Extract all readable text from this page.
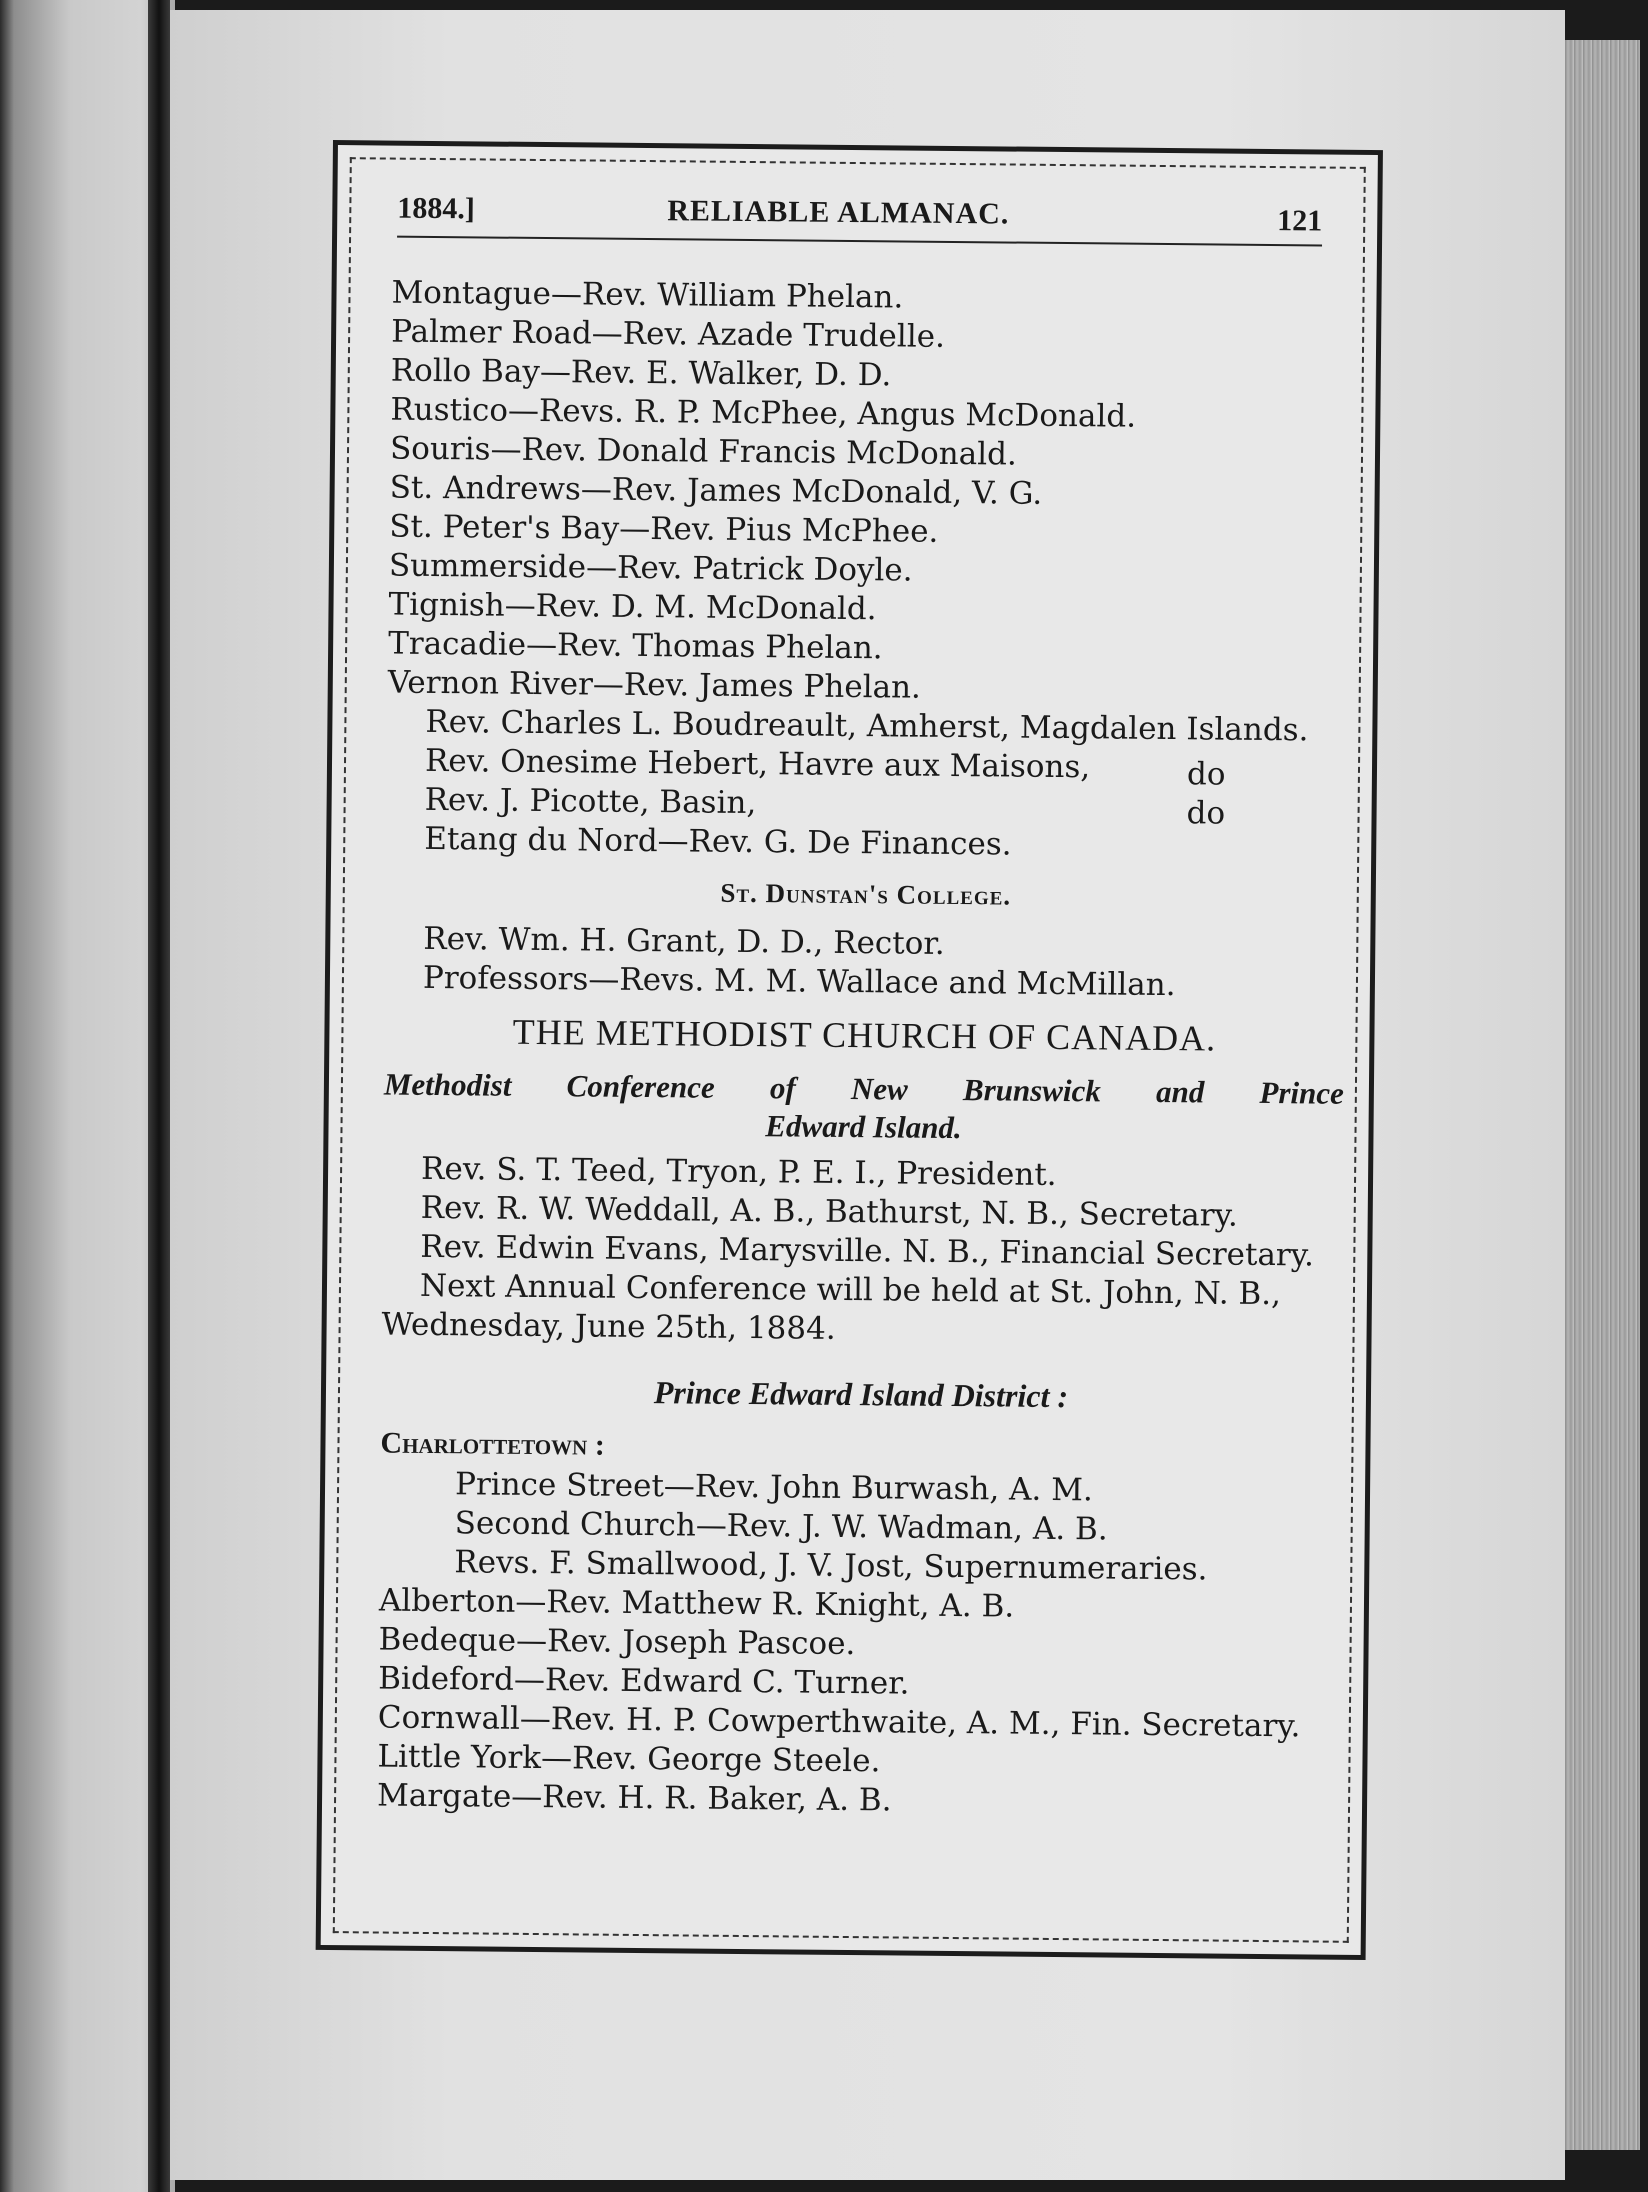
1884.]	RELIABLE ALMANAC.	121
Montague—Rev. William Phelan.
Palmer Road—Rev. Azade Trudelle.
Rollo Bay—Rev. E. Walker, D. D.
Rustico—Revs. R. P. McPhee, Angus McDonald.
Souris—Rev. Donald Francis McDonald.
St. Andrews—Rev. James McDonald, V. G.
St. Peter's Bay—Rev. Pius McPhee.
Summerside—Rev. Patrick Doyle.
Tignish—Rev. D. M. McDonald.
Tracadie—Rev. Thomas Phelan.
Vernon River—Rev. James Phelan.
Rev. Charles L. Boudreault, Amherst, Magdalen Islands.
Rev. Onesime Hebert, Havre aux Maisons,	do
Rev. J. Picotte, Basin,	do
Etang du Nord—Rev. G. De Finances.
St. Dunstan's College.
Rev. Wm. H. Grant, D. D., Rector.
Professors—Revs. M. M. Wallace and McMillan.
THE METHODIST CHURCH OF CANADA.
Methodist Conference of New Brunswick and Prince
Edward Island.
Rev. S. T. Teed, Tryon, P. E. I., President.
Rev. R. W. Weddall, A. B., Bathurst, N. B., Secretary.
Rev. Edwin Evans, Marysville. N. B., Financial Secretary.
Next Annual Conference will be held at St. John, N. B.,
Wednesday, June 25th, 1884.
Prince Edward Island District :
Charlottetown :
Prince Street—Rev. John Burwash, A. M.
Second Church—Rev. J. W. Wadman, A. B.
Revs. F. Smallwood, J. V. Jost, Supernumeraries.
Alberton—Rev. Matthew R. Knight, A. B.
Bedeque—Rev. Joseph Pascoe.
Bideford—Rev. Edward C. Turner.
Cornwall—Rev. H. P. Cowperthwaite, A. M., Fin. Secretary.
Little York—Rev. George Steele.
Margate—Rev. H. R. Baker, A. B.
